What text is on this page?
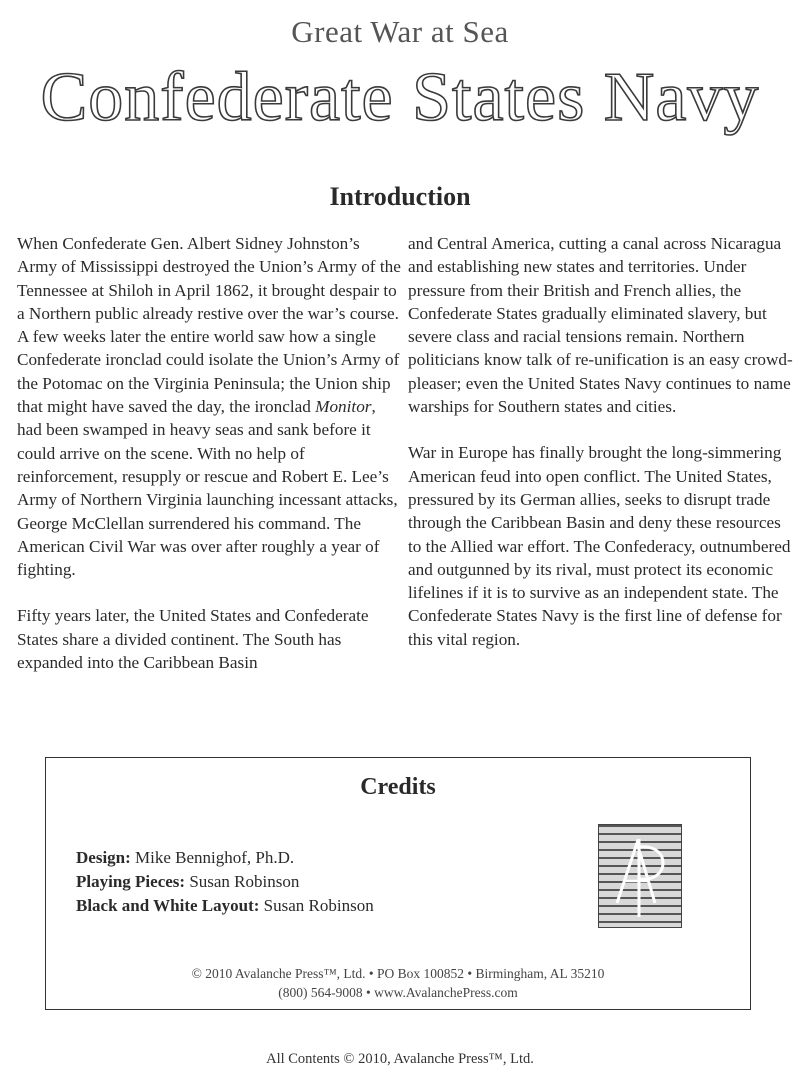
Great War at Sea
Confederate States Navy
Introduction

When Confederate Gen. Albert Sidney Johnston’s Army of Mississippi destroyed the Union’s Army of the Tennessee at Shiloh in April 1862, it brought despair to a Northern public already restive over the war’s course. A few weeks later the entire world saw how a single Confederate ironclad could isolate the Union’s Army of the Potomac on the Virginia Peninsula; the Union ship that might have saved the day, the ironclad Monitor, had been swamped in heavy seas and sank before it could arrive on the scene. With no help of reinforcement, resupply or rescue and Robert E. Lee’s Army of Northern Virginia launching incessant attacks, George McClellan surrendered his command. The American Civil War was over after roughly a year of fighting.

Fifty years later, the United States and Confederate States share a divided continent. The South has expanded into the Caribbean Basin

and Central America, cutting a canal across Nicaragua and establishing new states and territories. Under pressure from their British and French allies, the Confederate States gradually eliminated slavery, but severe class and racial tensions remain. Northern politicians know talk of re-unification is an easy crowd-pleaser; even the United States Navy continues to name warships for Southern states and cities.

War in Europe has finally brought the long-simmering American feud into open conflict. The United States, pressured by its German allies, seeks to disrupt trade through the Caribbean Basin and deny these resources to the Allied war effort. The Confederacy, outnumbered and outgunned by its rival, must protect its economic lifelines if it is to survive as an independent state. The Confederate States Navy is the first line of defense for this vital region.

Credits
Design: Mike Bennighof, Ph.D.
Playing Pieces: Susan Robinson
Black and White Layout: Susan Robinson
© 2010 Avalanche Press™, Ltd. • PO Box 100852 • Birmingham, AL 35210
(800) 564-9008 • www.AvalanchePress.com
All Contents © 2010, Avalanche Press™, Ltd.
